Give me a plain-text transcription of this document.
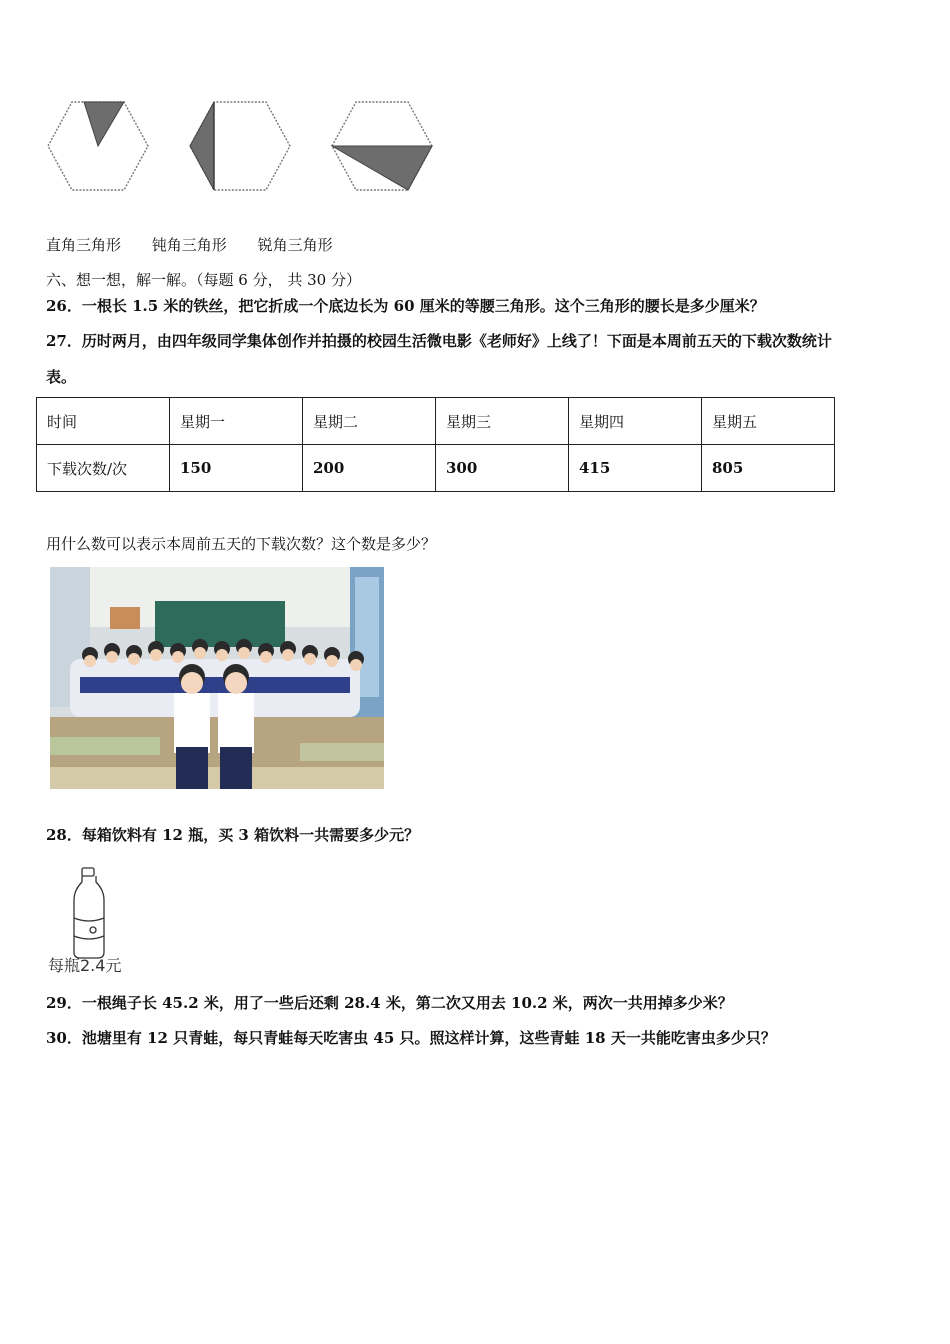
直角三角形 钝角三角形 锐角三角形
六、想一想，解一解。（每题 6 分， 共 30 分）
26．一根长 1.5 米的铁丝，把它折成一个底边长为 60 厘米的等腰三角形。这个三角形的腰长是多少厘米？
27．历时两月，由四年级同学集体创作并拍摄的校园生活微电影《老师好》上线了！下面是本周前五天的下载次数统计
表。
时间	星期一	星期二	星期三	星期四	星期五
下载次数/次	150	200	300	415	805
用什么数可以表示本周前五天的下载次数？这个数是多少？
28．每箱饮料有 12 瓶，买 3 箱饮料一共需要多少元？
每瓶2.4元
29．一根绳子长 45.2 米，用了一些后还剩 28.4 米，第二次又用去 10.2 米，两次一共用掉多少米？
30．池塘里有 12 只青蛙，每只青蛙每天吃害虫 45 只。照这样计算，这些青蛙 18 天一共能吃害虫多少只？
